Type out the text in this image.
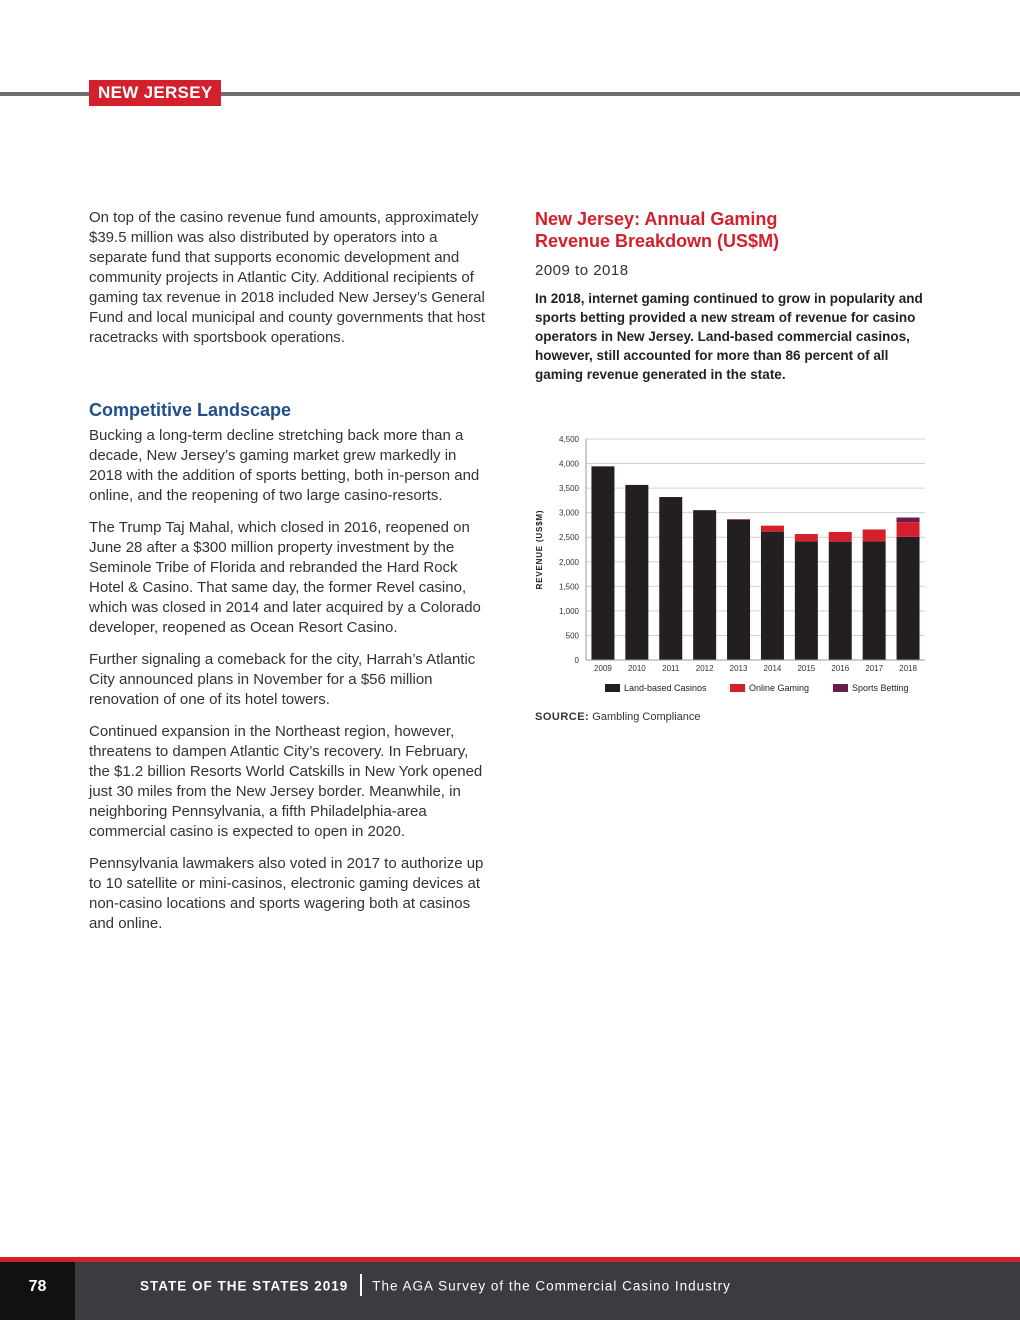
NEW JERSEY

On top of the casino revenue fund amounts, approximately $39.5 million was also distributed by operators into a separate fund that supports economic development and community projects in Atlantic City. Additional recipients of gaming tax revenue in 2018 included New Jersey’s General Fund and local municipal and county governments that host racetracks with sportsbook operations.

Competitive Landscape

Bucking a long-term decline stretching back more than a decade, New Jersey’s gaming market grew markedly in 2018 with the addition of sports betting, both in-person and online, and the reopening of two large casino-resorts.

The Trump Taj Mahal, which closed in 2016, reopened on June 28 after a $300 million property investment by the Seminole Tribe of Florida and rebranded the Hard Rock Hotel & Casino. That same day, the former Revel casino, which was closed in 2014 and later acquired by a Colorado developer, reopened as Ocean Resort Casino.

Further signaling a comeback for the city, Harrah’s Atlantic City announced plans in November for a $56 million renovation of one of its hotel towers.

Continued expansion in the Northeast region, however, threatens to dampen Atlantic City’s recovery. In February, the $1.2 billion Resorts World Catskills in New York opened just 30 miles from the New Jersey border. Meanwhile, in neighboring Pennsylvania, a fifth Philadelphia-area commercial casino is expected to open in 2020.

Pennsylvania lawmakers also voted in 2017 to authorize up to 10 satellite or mini-casinos, electronic gaming devices at non-casino locations and sports wagering both at casinos and online.

New Jersey: Annual Gaming
Revenue Breakdown (US$M)
2009 to 2018

In 2018, internet gaming continued to grow in popularity and sports betting provided a new stream of revenue for casino operators in New Jersey. Land-based commercial casinos, however, still accounted for more than 86 percent of all gaming revenue generated in the state.

0
500
1,000
1,500
2,000
2,500
3,000
3,500
4,000
4,500
2009 2010 2011 2012 2013 2014 2015 2016 2017 2018
REVENUE (US$M)
Land-based Casinos	Online Gaming	Sports Betting
SOURCE: Gambling Compliance
78	STATE OF THE STATES 2019 The AGA Survey of the Commercial Casino Industry
